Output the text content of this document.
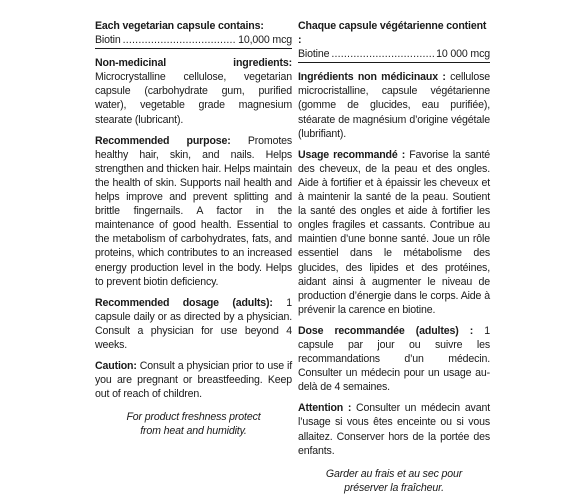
Each vegetarian capsule contains:

Biotin .....	10,000 mcg

Non-medicinal ingredients: Microcrystalline cellulose, vegetarian capsule (carbohydrate gum, purified water), vegetable grade magnesium stearate (lubricant).

Recommended purpose: Promotes healthy hair, skin, and nails. Helps strengthen and thicken hair. Helps maintain the health of skin. Supports nail health and helps improve and prevent splitting and brittle fingernails. A factor in the maintenance of good health. Essential to the metabolism of carbohydrates, fats, and proteins, which contributes to an increased energy production level in the body. Helps to prevent biotin deficiency.

Recommended dosage (adults): 1 capsule daily or as directed by a physician. Consult a physician for use beyond 4 weeks.

Caution: Consult a physician prior to use if you are pregnant or breastfeeding. Keep out of reach of children.

For product freshness protect
from heat and humidity.

Chaque capsule végétarienne contient :

Biotine .....	10 000 mcg

Ingrédients non médicinaux : cellulose microcristalline, capsule végétarienne (gomme de glucides, eau purifiée), stéarate de magnésium d’origine végétale (lubrifiant).

Usage recommandé : Favorise la santé des cheveux, de la peau et des ongles. Aide à fortifier et à épaissir les cheveux et à maintenir la santé de la peau. Soutient la santé des ongles et aide à fortifier les ongles fragiles et cassants. Contribue au maintien d’une bonne santé. Joue un rôle essentiel dans le métabolisme des glucides, des lipides et des protéines, aidant ainsi à augmenter le niveau de production d’énergie dans le corps. Aide à prévenir la carence en biotine.

Dose recommandée (adultes) : 1 capsule par jour ou suivre les recommandations d’un médecin. Consulter un médecin pour un usage au-delà de 4 semaines.

Attention : Consulter un médecin avant l’usage si vous êtes enceinte ou si vous allaitez. Conserver hors de la portée des enfants.

Garder au frais et au sec pour
préserver la fraîcheur.
